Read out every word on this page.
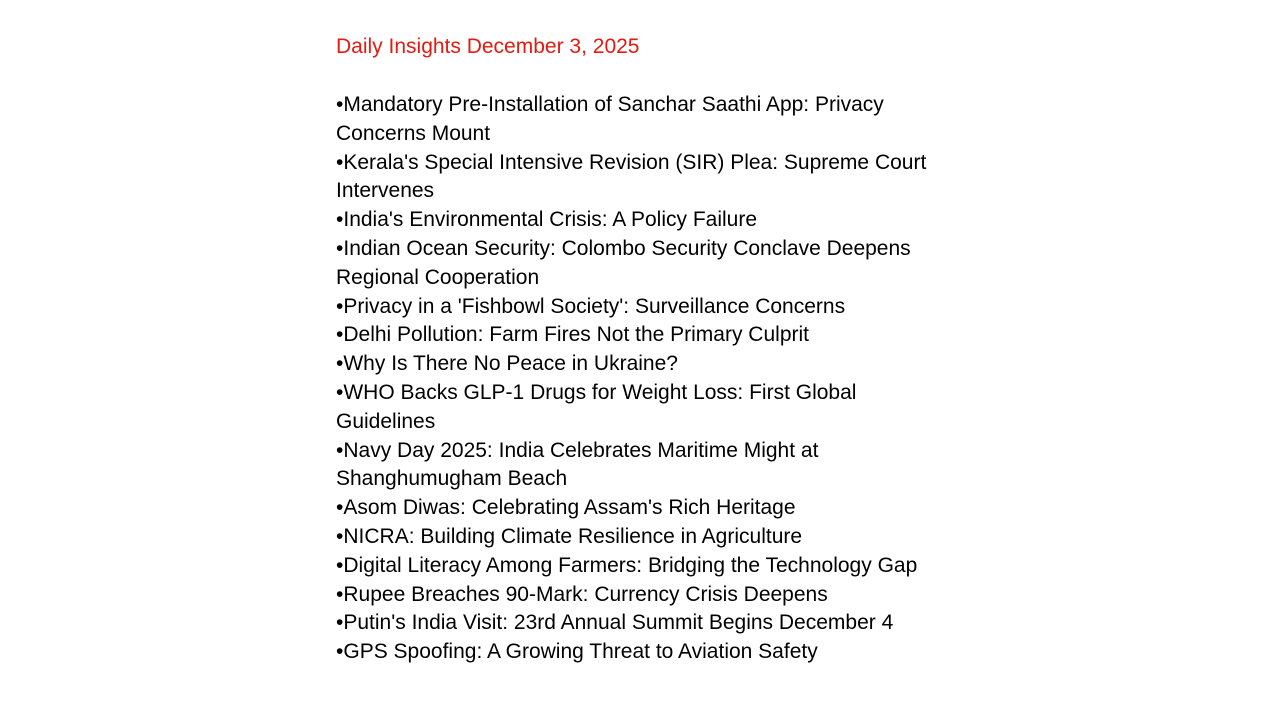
Daily Insights December 3, 2025
•Mandatory Pre-Installation of Sanchar Saathi App: Privacy Concerns Mount
•Kerala's Special Intensive Revision (SIR) Plea: Supreme Court Intervenes
•India's Environmental Crisis: A Policy Failure
•Indian Ocean Security: Colombo Security Conclave Deepens Regional Cooperation
•Privacy in a 'Fishbowl Society': Surveillance Concerns
•Delhi Pollution: Farm Fires Not the Primary Culprit
•Why Is There No Peace in Ukraine?
•WHO Backs GLP-1 Drugs for Weight Loss: First Global Guidelines
•Navy Day 2025: India Celebrates Maritime Might at Shanghumugham Beach
•Asom Diwas: Celebrating Assam's Rich Heritage
•NICRA: Building Climate Resilience in Agriculture
•Digital Literacy Among Farmers: Bridging the Technology Gap
•Rupee Breaches 90-Mark: Currency Crisis Deepens
•Putin's India Visit: 23rd Annual Summit Begins December 4
•GPS Spoofing: A Growing Threat to Aviation Safety
